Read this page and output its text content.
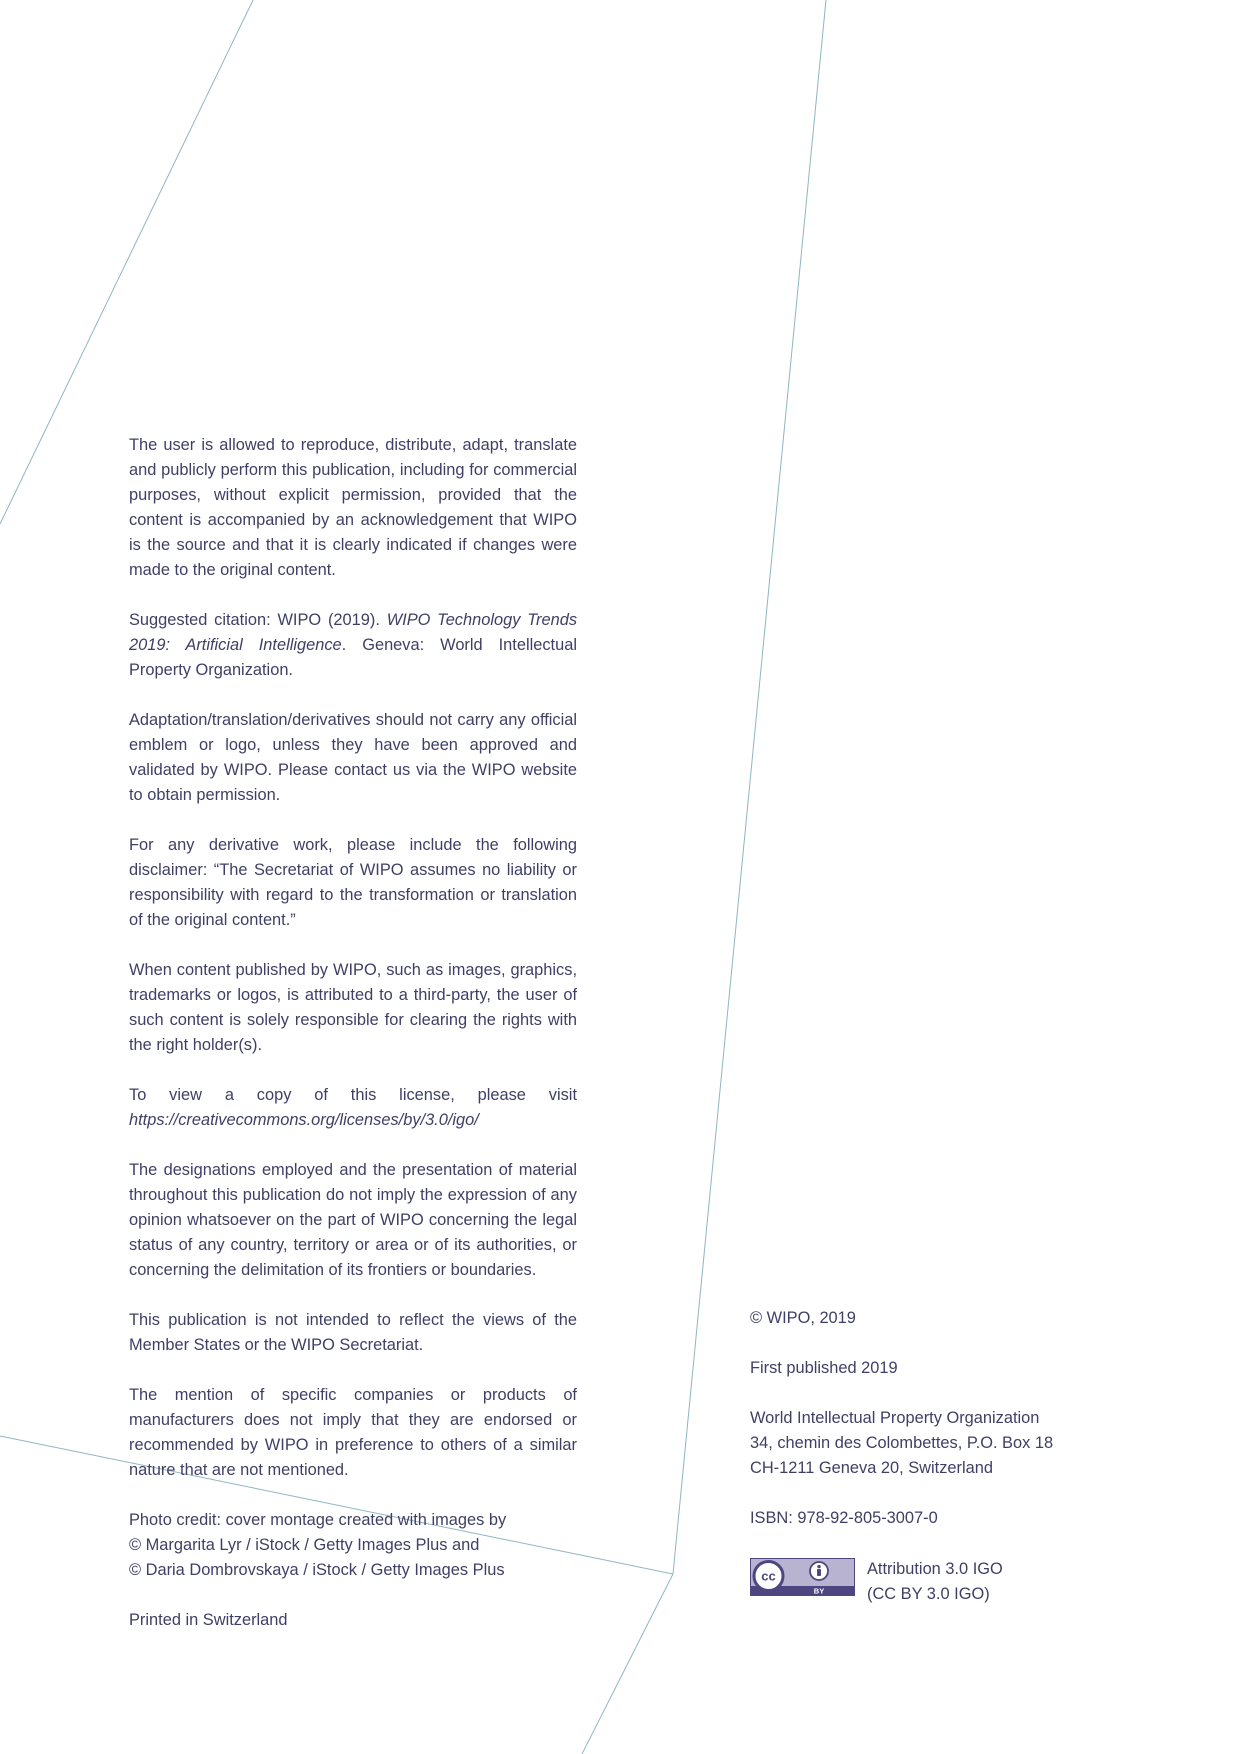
The user is allowed to reproduce, distribute, adapt, translate and publicly perform this publication, including for commercial purposes, without explicit permission, provided that the content is accompanied by an acknowledgement that WIPO is the source and that it is clearly indicated if changes were made to the original content.

Suggested citation: WIPO (2019). WIPO Technology Trends 2019: Artificial Intelligence. Geneva: World Intellectual Property Organization.

Adaptation/translation/derivatives should not carry any official emblem or logo, unless they have been approved and validated by WIPO. Please contact us via the WIPO website to obtain permission.

For any derivative work, please include the following disclaimer: “The Secretariat of WIPO assumes no liability or responsibility with regard to the transformation or translation of the original content.”

When content published by WIPO, such as images, graphics, trademarks or logos, is attributed to a third-party, the user of such content is solely responsible for clearing the rights with the right holder(s).

To view a copy of this license, please visit https://creativecommons.org/licenses/by/3.0/igo/

The designations employed and the presentation of material throughout this publication do not imply the expression of any opinion whatsoever on the part of WIPO concerning the legal status of any country, territory or area or of its authorities, or concerning the delimitation of its frontiers or boundaries.

This publication is not intended to reflect the views of the Member States or the WIPO Secretariat.

The mention of specific companies or products of manufacturers does not imply that they are endorsed or recommended by WIPO in preference to others of a similar nature that are not mentioned.

Photo credit: cover montage created with images by
© Margarita Lyr / iStock / Getty Images Plus and
© Daria Dombrovskaya / iStock / Getty Images Plus

Printed in Switzerland

© WIPO, 2019

First published 2019

World Intellectual Property Organization
34, chemin des Colombettes, P.O. Box 18
CH-1211 Geneva 20, Switzerland

ISBN: 978-92-805-3007-0

cc
BY
Attribution 3.0 IGO
(CC BY 3.0 IGO)
